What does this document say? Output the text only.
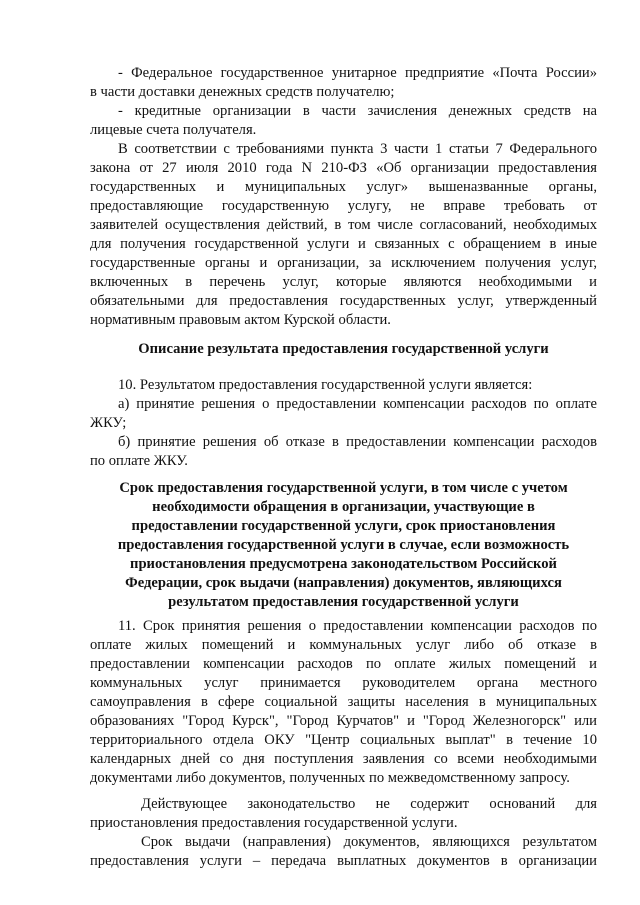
- Федеральное государственное унитарное предприятие «Почта России»
в части доставки денежных средств получателю;
- кредитные организации в части зачисления денежных средств на
лицевые счета получателя.
В соответствии с требованиями пункта 3 части 1 статьи 7 Федерального
закона от 27 июля 2010 года N 210-ФЗ «Об организации предоставления
государственных и муниципальных услуг» вышеназванные органы,
предоставляющие государственную услугу, не вправе требовать от
заявителей осуществления действий, в том числе согласований, необходимых
для получения государственной услуги и связанных с обращением в иные
государственные органы и организации, за исключением получения услуг,
включенных в перечень услуг, которые являются необходимыми и
обязательными для предоставления государственных услуг, утвержденный
нормативным правовым актом Курской области.
Описание результата предоставления государственной услуги
10. Результатом предоставления государственной услуги является:
а) принятие решения о предоставлении компенсации расходов по оплате
ЖКУ;
б) принятие решения об отказе в предоставлении компенсации расходов
по оплате ЖКУ.
Срок предоставления государственной услуги, в том числе с учетом
необходимости обращения в организации, участвующие в
предоставлении государственной услуги, срок приостановления
предоставления государственной услуги в случае, если возможность
приостановления предусмотрена законодательством Российской
Федерации, срок выдачи (направления) документов, являющихся
результатом предоставления государственной услуги
11. Срок принятия решения о предоставлении компенсации расходов по
оплате жилых помещений и коммунальных услуг либо об отказе в
предоставлении компенсации расходов по оплате жилых помещений и
коммунальных услуг принимается руководителем органа местного
самоуправления в сфере социальной защиты населения в муниципальных
образованиях "Город Курск", "Город Курчатов" и "Город Железногорск" или
территориального отдела ОКУ "Центр социальных выплат" в течение 10
календарных дней со дня поступления заявления со всеми необходимыми
документами либо документов, полученных по межведомственному запросу.
Действующее законодательство не содержит оснований для
приостановления предоставления государственной услуги.
Срок выдачи (направления) документов, являющихся результатом
предоставления услуги – передача выплатных документов в организации
